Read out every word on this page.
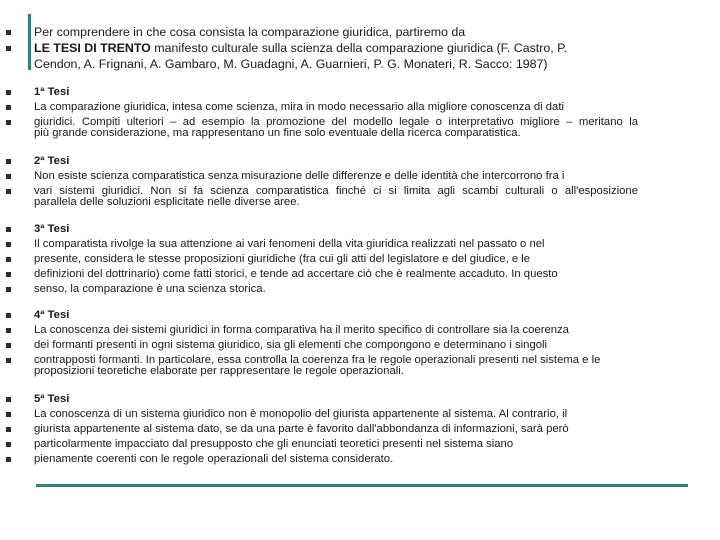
Per comprendere in che cosa consista la comparazione giuridica, partiremo da
LE TESI DI TRENTO manifesto culturale sulla scienza della comparazione giuridica (F. Castro, P.
Cendon, A. Frignani, A. Gambaro, M. Guadagni, A. Guarnieri, P. G. Monateri, R. Sacco: 1987)
1ª Tesi
La comparazione giuridica, intesa come scienza, mira in modo necessario alla migliore conoscenza di dati
giuridici. Compiti ulteriori – ad esempio la promozione del modello legale o interpretativo migliore – meritano la
più grande considerazione, ma rappresentano un fine solo eventuale della ricerca comparatistica.
2ª Tesi
Non esiste scienza comparatistica senza misurazione delle differenze e delle identità che intercorrono fra i
vari sistemi giuridici. Non si fa scienza comparatistica finché ci si limita agli scambi culturali o all'esposizione
parallela delle soluzioni esplicitate nelle diverse aree.
3ª Tesi
Il comparatista rivolge la sua attenzione ai vari fenomeni della vita giuridica realizzati nel passato o nel
presente, considera le stesse proposizioni giuridiche (fra cui gli atti del legislatore e del giudice, e le
definizioni del dottrinario) come fatti storici, e tende ad accertare ciò che è realmente accaduto. In questo
senso, la comparazione è una scienza storica.
4ª Tesi
La conoscenza dei sistemi giuridici in forma comparativa ha il merito specifico di controllare sia la coerenza
dei formanti presenti in ogni sistema giuridico, sia gli elementi che compongono e determinano i singoli
contrapposti formanti. In particolare, essa controlla la coerenza fra le regole operazionali presenti nel sistema e le
proposizioni teoretiche elaborate per rappresentare le regole operazionali.
5ª Tesi
La conoscenza di un sistema giuridico non è monopolio del giurista appartenente al sistema. Al contrario, il
giurista appartenente al sistema dato, se da una parte è favorito dall'abbondanza di informazioni, sarà però
particolarmente impacciato dal presupposto che gli enunciati teoretici presenti nel sistema siano
pienamente coerenti con le regole operazionali del sistema considerato.
